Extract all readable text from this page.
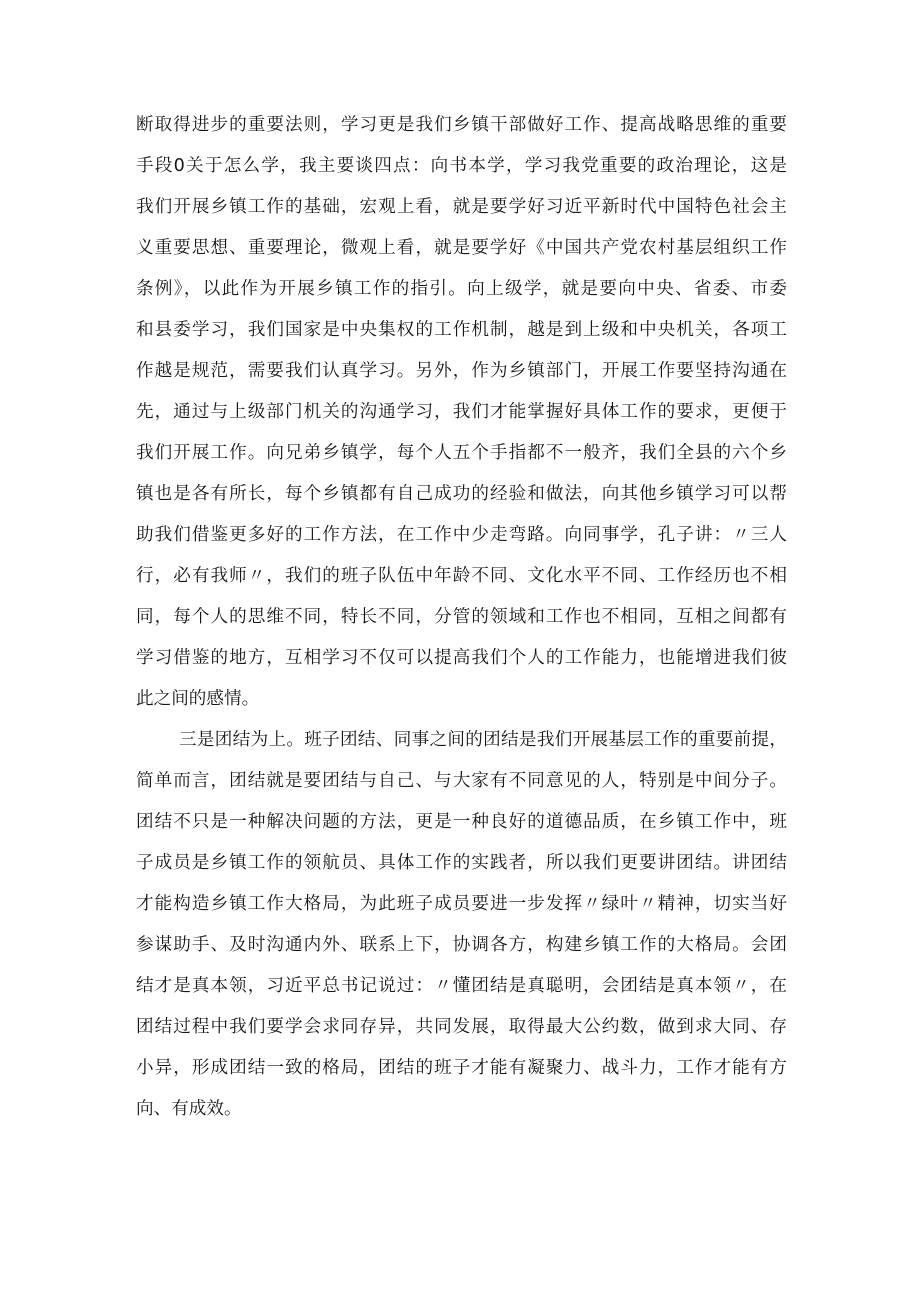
断取得进步的重要法则，学习更是我们乡镇干部做好工作、提高战略思维的重要
手段0关于怎么学，我主要谈四点：向书本学，学习我党重要的政治理论，这是
我们开展乡镇工作的基础，宏观上看，就是要学好习近平新时代中国特色社会主
义重要思想、重要理论，微观上看，就是要学好《中国共产党农村基层组织工作
条例》，以此作为开展乡镇工作的指引。向上级学，就是要向中央、省委、市委
和县委学习，我们国家是中央集权的工作机制，越是到上级和中央机关，各项工
作越是规范，需要我们认真学习。另外，作为乡镇部门，开展工作要坚持沟通在
先，通过与上级部门机关的沟通学习，我们才能掌握好具体工作的要求，更便于
我们开展工作。向兄弟乡镇学，每个人五个手指都不一般齐，我们全县的六个乡
镇也是各有所长，每个乡镇都有自己成功的经验和做法，向其他乡镇学习可以帮
助我们借鉴更多好的工作方法，在工作中少走弯路。向同事学，孔子讲：〃三人
行，必有我师〃，我们的班子队伍中年龄不同、文化水平不同、工作经历也不相
同，每个人的思维不同，特长不同，分管的领域和工作也不相同，互相之间都有
学习借鉴的地方，互相学习不仅可以提高我们个人的工作能力，也能增进我们彼
此之间的感情。
三是团结为上。班子团结、同事之间的团结是我们开展基层工作的重要前提，
简单而言，团结就是要团结与自己、与大家有不同意见的人，特别是中间分子。
团结不只是一种解决问题的方法，更是一种良好的道德品质，在乡镇工作中，班
子成员是乡镇工作的领航员、具体工作的实践者，所以我们更要讲团结。讲团结
才能构造乡镇工作大格局，为此班子成员要进一步发挥〃绿叶〃精神，切实当好
参谋助手、及时沟通内外、联系上下，协调各方，构建乡镇工作的大格局。会团
结才是真本领，习近平总书记说过：〃懂团结是真聪明，会团结是真本领〃，在
团结过程中我们要学会求同存异，共同发展，取得最大公约数，做到求大同、存
小异，形成团结一致的格局，团结的班子才能有凝聚力、战斗力，工作才能有方
向、有成效。
